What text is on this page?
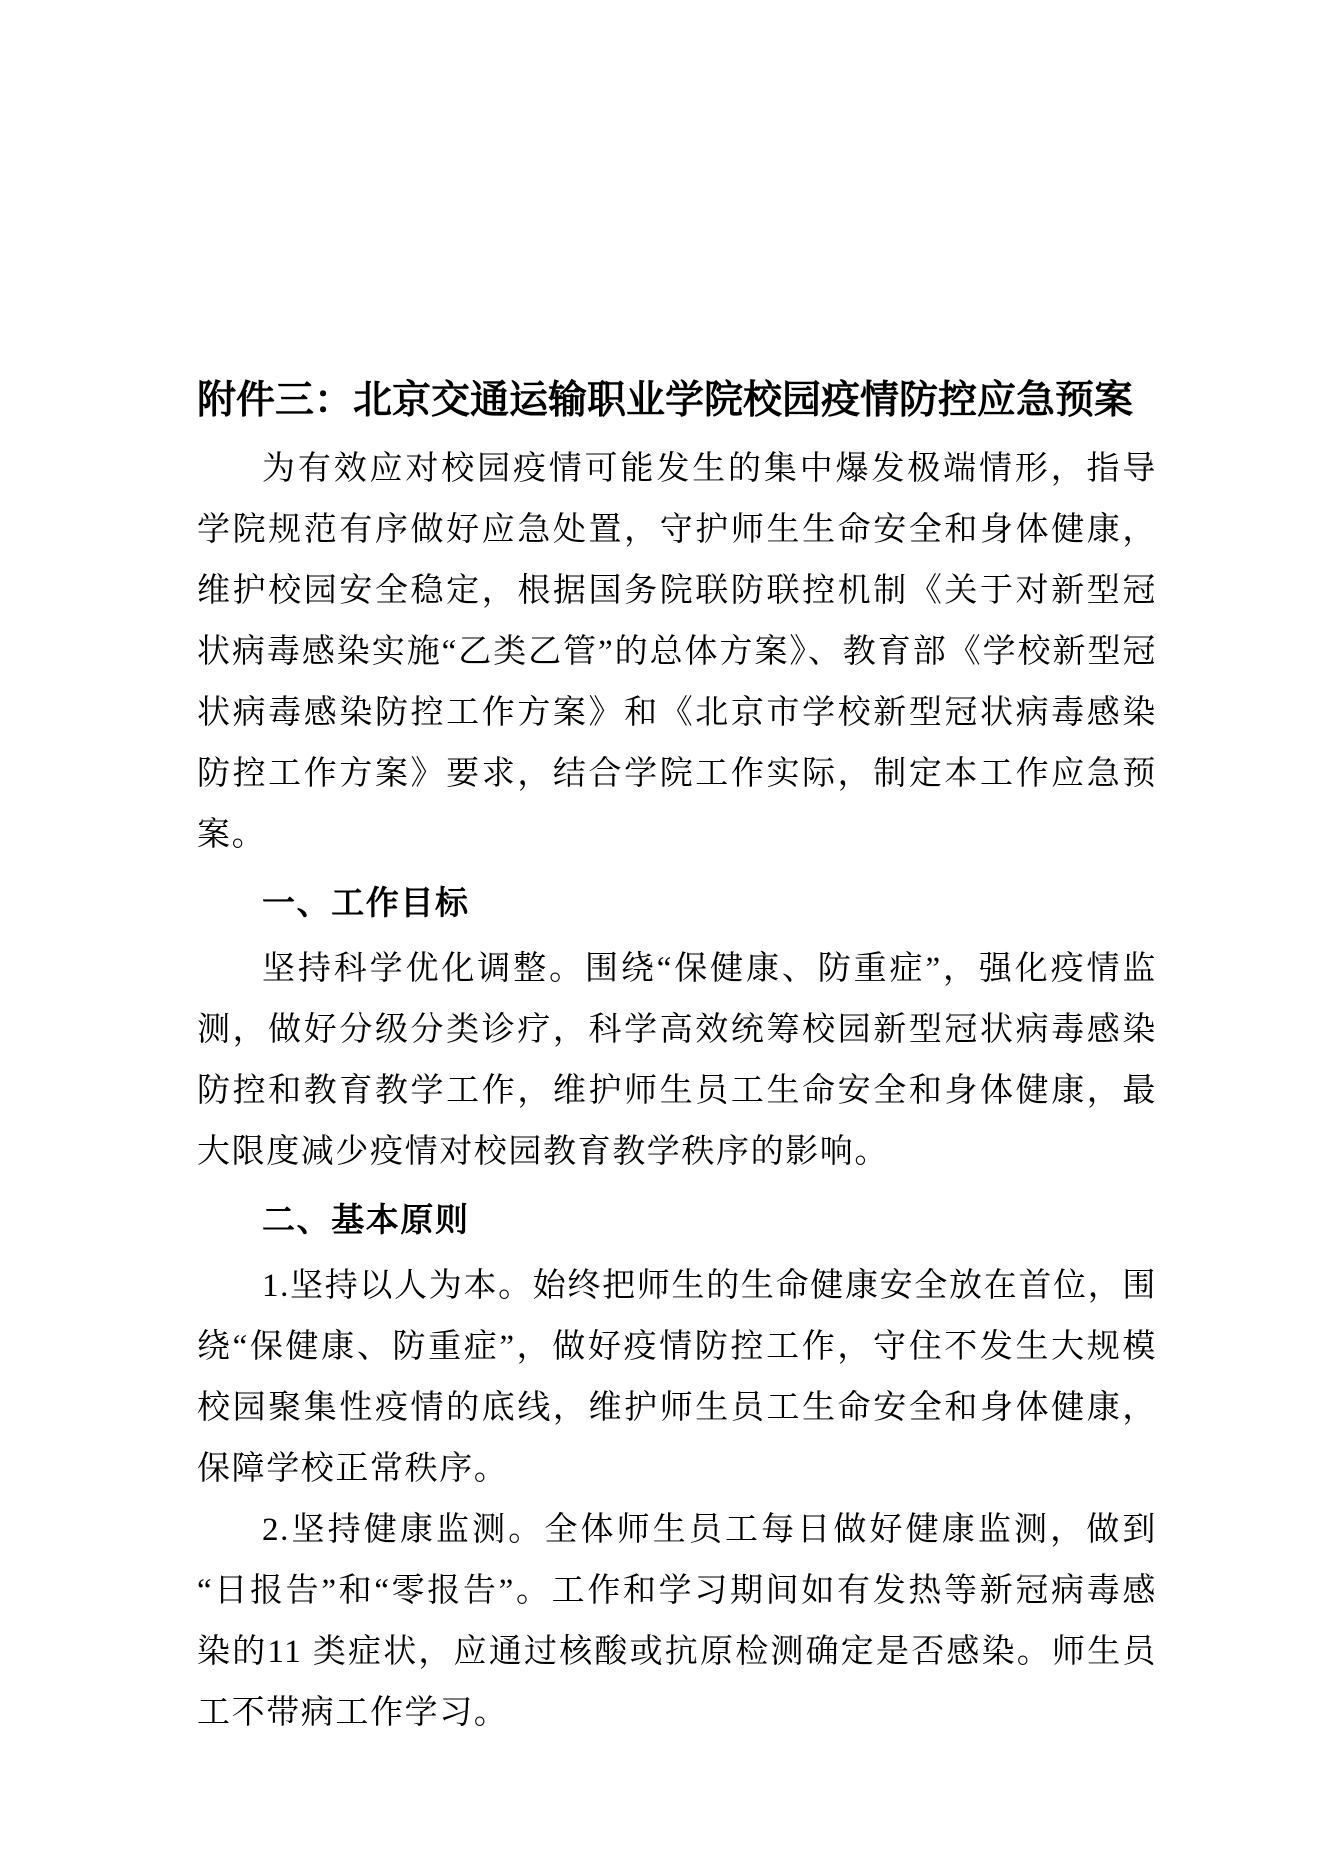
附件三：北京交通运输职业学院校园疫情防控应急预案

为有效应对校园疫情可能发生的集中爆发极端情形，指导学院规范有序做好应急处置，守护师生生命安全和身体健康，维护校园安全稳定，根据国务院联防联控机制《关于对新型冠状病毒感染实施“乙类乙管”的总体方案》、教育部《学校新型冠状病毒感染防控工作方案》和《北京市学校新型冠状病毒感染防控工作方案》要求，结合学院工作实际，制定本工作应急预案。

一、工作目标

坚持科学优化调整。围绕“保健康、防重症”，强化疫情监测，做好分级分类诊疗，科学高效统筹校园新型冠状病毒感染防控和教育教学工作，维护师生员工生命安全和身体健康，最大限度减少疫情对校园教育教学秩序的影响。

二、基本原则

1.坚持以人为本。始终把师生的生命健康安全放在首位，围绕“保健康、防重症”，做好疫情防控工作，守住不发生大规模校园聚集性疫情的底线，维护师生员工生命安全和身体健康，保障学校正常秩序。

2.坚持健康监测。全体师生员工每日做好健康监测，做到“日报告”和“零报告”。工作和学习期间如有发热等新冠病毒感染的11 类症状，应通过核酸或抗原检测确定是否感染。师生员工不带病工作学习。
